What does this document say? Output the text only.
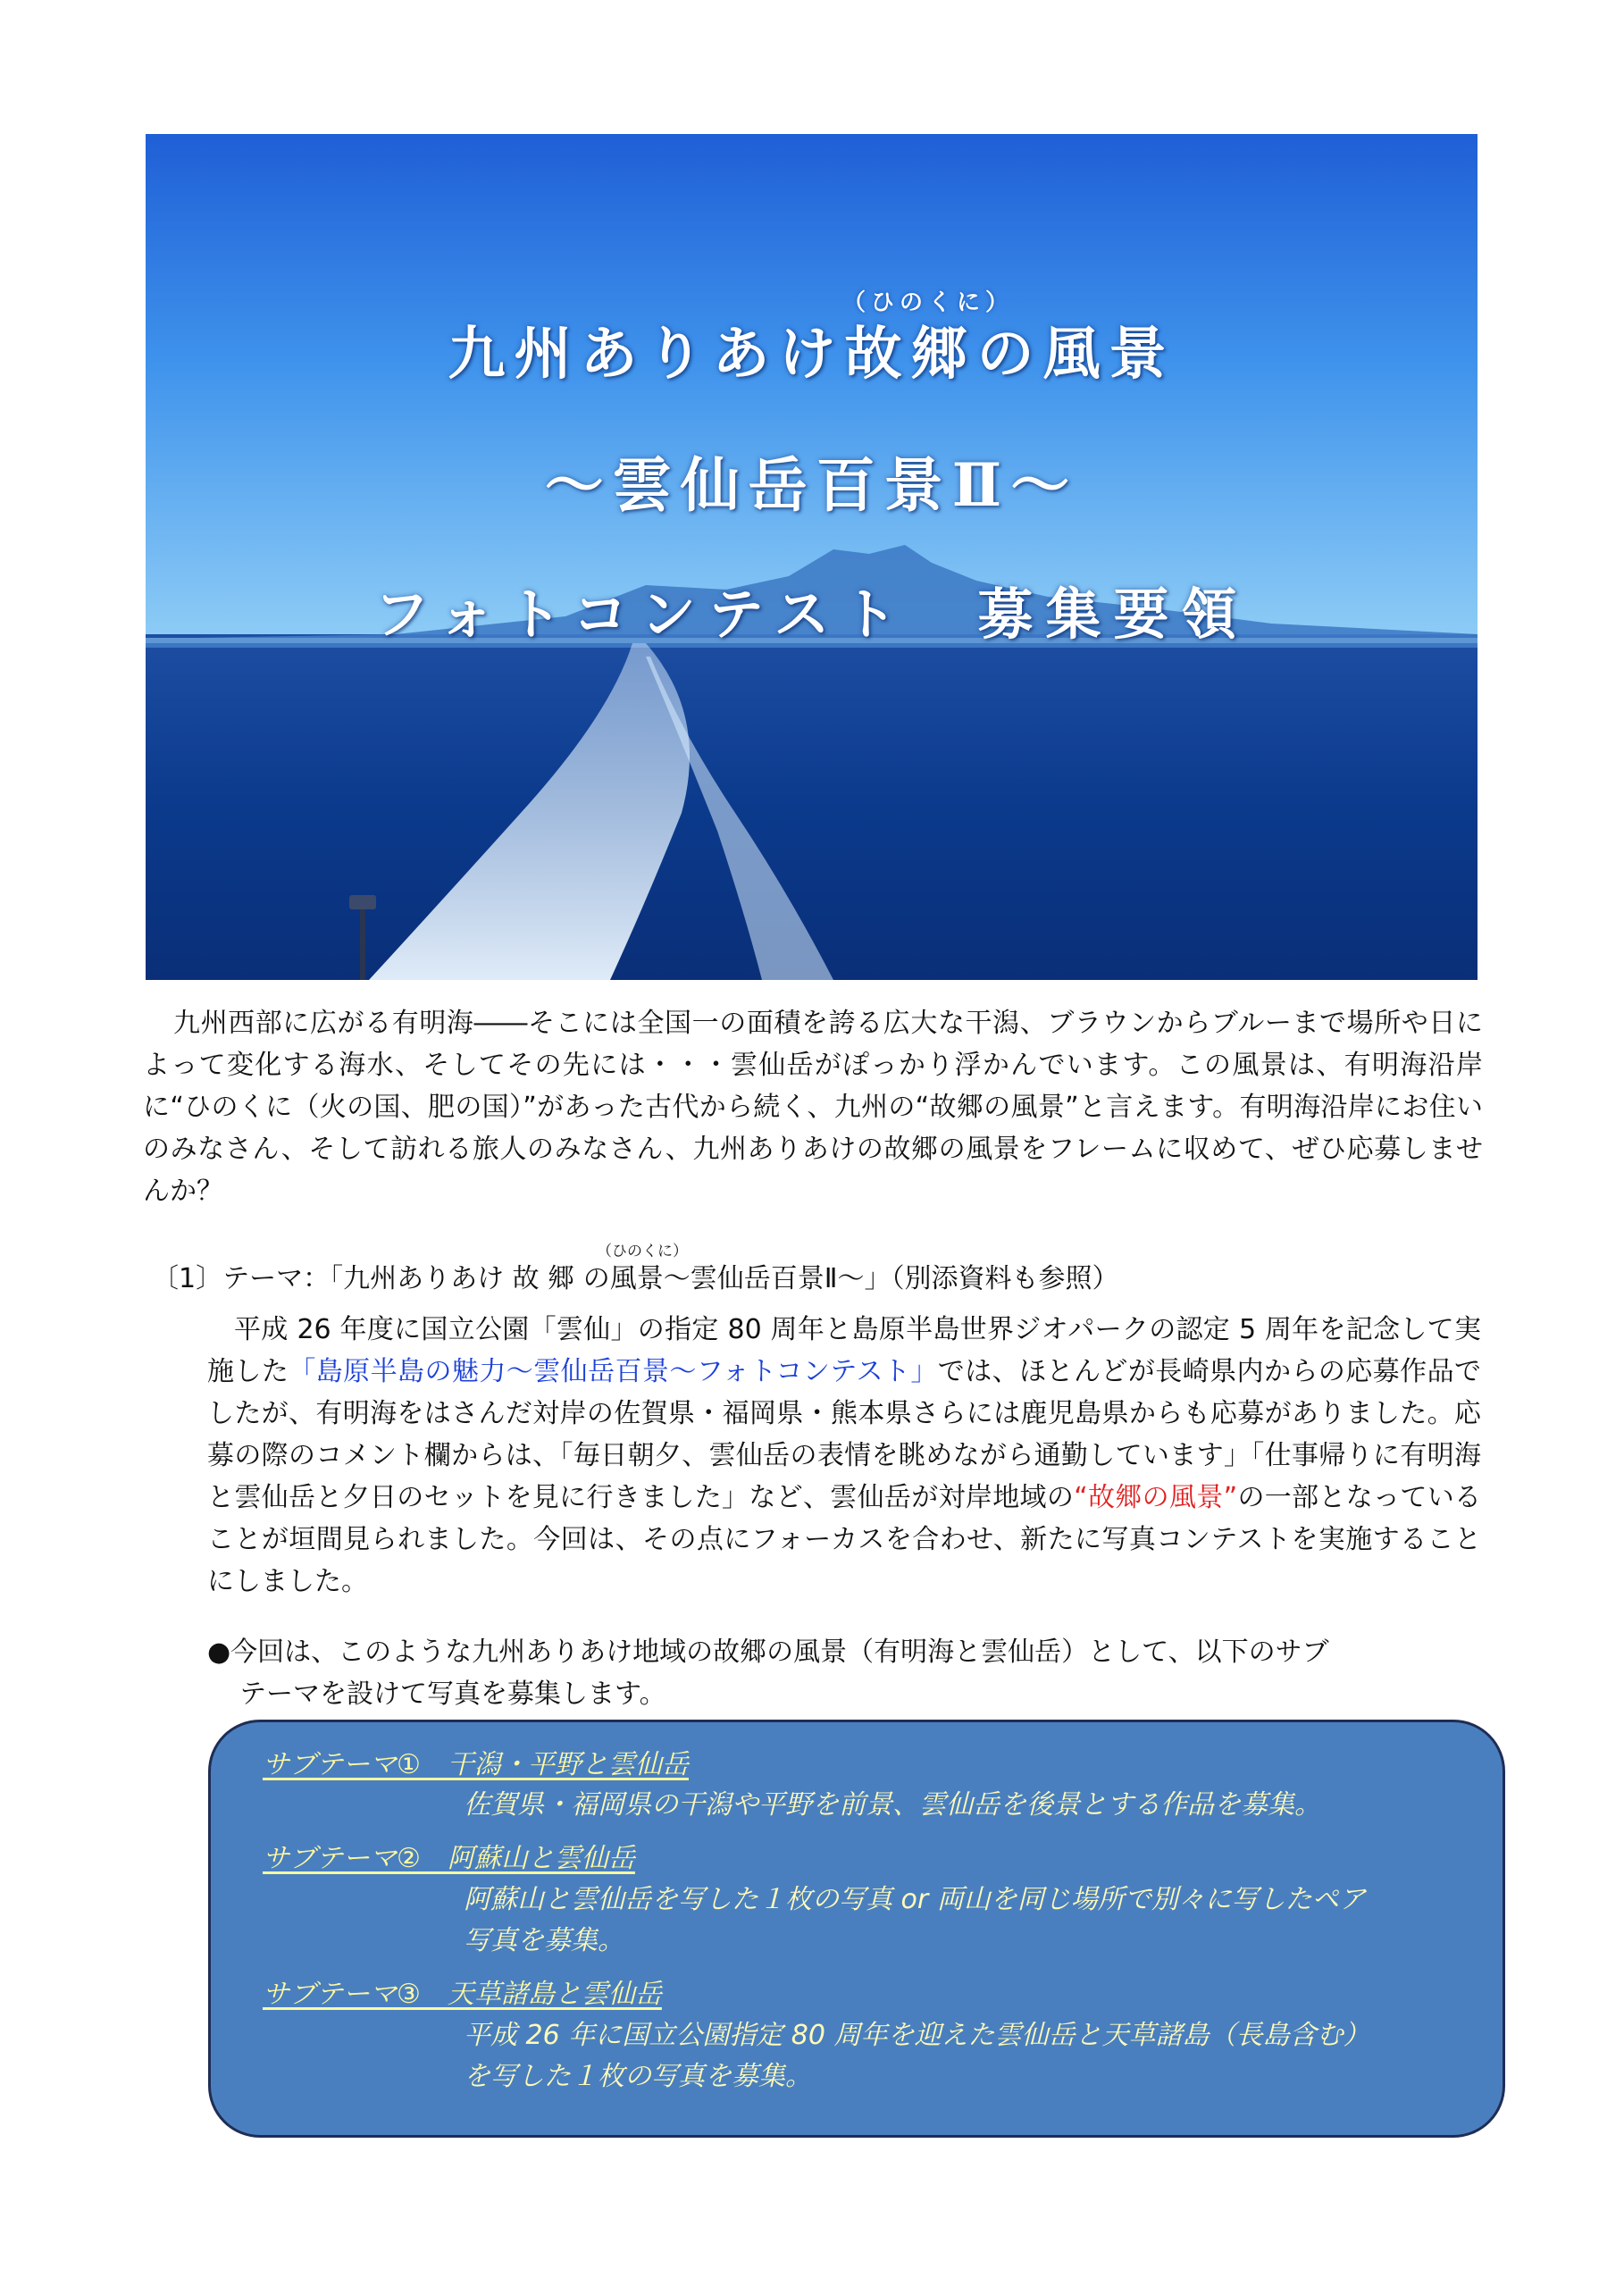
（ひのくに）
九州ありあけ故郷の風景
～雲仙岳百景Ⅱ～
フォトコンテスト　募集要領

九州西部に広がる有明海――そこには全国一の面積を誇る広大な干潟、ブラウンからブルーまで場所や日によって変化する海水、そしてその先には・・・雲仙岳がぽっかり浮かんでいます。この風景は、有明海沿岸に“ひのくに（火の国、肥の国）”があった古代から続く、九州の“故郷の風景”と言えます。有明海沿岸にお住いのみなさん、そして訪れる旅人のみなさん、九州ありあけの故郷の風景をフレームに収めて、ぜひ応募しませんか？

（ひのくに）
〔1〕テーマ：「九州ありあけ 故 郷 の風景～雲仙岳百景Ⅱ～」（別添資料も参照）

平成 26 年度に国立公園「雲仙」の指定 80 周年と島原半島世界ジオパークの認定 5 周年を記念して実施した「島原半島の魅力～雲仙岳百景～フォトコンテスト」では、ほとんどが長崎県内からの応募作品でしたが、有明海をはさんだ対岸の佐賀県・福岡県・熊本県さらには鹿児島県からも応募がありました。応募の際のコメント欄からは、「毎日朝夕、雲仙岳の表情を眺めながら通勤しています」「仕事帰りに有明海と雲仙岳と夕日のセットを見に行きました」など、雲仙岳が対岸地域の“故郷の風景”の一部となっていることが垣間見られました。今回は、その点にフォーカスを合わせ、新たに写真コンテストを実施することにしました。

●今回は、このような九州ありあけ地域の故郷の風景（有明海と雲仙岳）として、以下のサブ
テーマを設けて写真を募集します。

サブテーマ①　干潟・平野と雲仙岳
佐賀県・福岡県の干潟や平野を前景、雲仙岳を後景とする作品を募集。
サブテーマ②　阿蘇山と雲仙岳
阿蘇山と雲仙岳を写した１枚の写真 or 両山を同じ場所で別々に写したペア
写真を募集。
サブテーマ③　天草諸島と雲仙岳
平成 26 年に国立公園指定 80 周年を迎えた雲仙岳と天草諸島（長島含む）
を写した１枚の写真を募集。
